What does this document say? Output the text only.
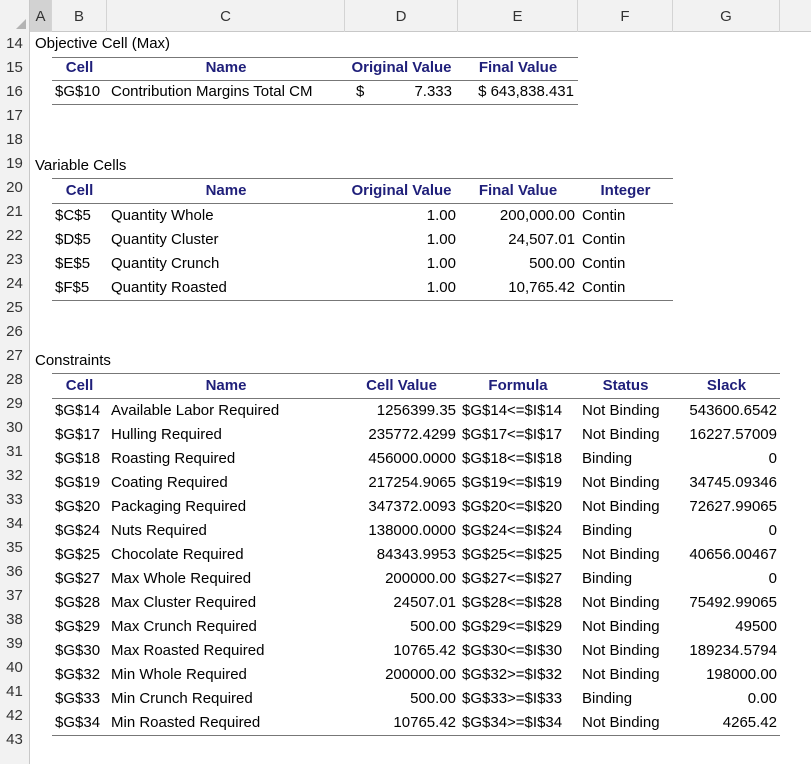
A	B	C	D	E	F	G
14
15
16
17
18
19
20
21
22
23
24
25
26
27
28
29
30
31
32
33
34
35
36
37
38
39
40
41
42
43
Objective Cell (Max)
Cell	Name	Original Value	Final Value
$G$10 Contribution Margins Total CM	$	7.333	$ 643,838.431
Variable Cells
Cell	Name	Original Value	Final Value	Integer
$C$5 Quantity Whole	1.00	200,000.00 Contin
$D$5 Quantity Cluster	1.00	24,507.01 Contin
$E$5 Quantity Crunch	1.00	500.00 Contin
$F$5 Quantity Roasted	1.00	10,765.42 Contin
Constraints
Cell	Name	Cell Value	Formula	Status	Slack
$G$14 Available Labor Required	1256399.35 $G$14<=$I$14 Not Binding	543600.6542
$G$17 Hulling Required	235772.4299 $G$17<=$I$17 Not Binding	16227.57009
$G$18 Roasting Required	456000.0000 $G$18<=$I$18 Binding	0
$G$19 Coating Required	217254.9065 $G$19<=$I$19 Not Binding	34745.09346
$G$20 Packaging Required	347372.0093 $G$20<=$I$20 Not Binding	72627.99065
$G$24 Nuts Required	138000.0000 $G$24<=$I$24 Binding	0
$G$25 Chocolate Required	84343.9953 $G$25<=$I$25 Not Binding	40656.00467
$G$27 Max Whole Required	200000.00 $G$27<=$I$27 Binding	0
$G$28 Max Cluster Required	24507.01 $G$28<=$I$28 Not Binding	75492.99065
$G$29 Max Crunch Required	500.00 $G$29<=$I$29 Not Binding	49500
$G$30 Max Roasted Required	10765.42 $G$30<=$I$30 Not Binding	189234.5794
$G$32 Min Whole Required	200000.00 $G$32>=$I$32 Not Binding	198000.00
$G$33 Min Crunch Required	500.00 $G$33>=$I$33 Binding	0.00
$G$34 Min Roasted Required	10765.42 $G$34>=$I$34 Not Binding	4265.42
